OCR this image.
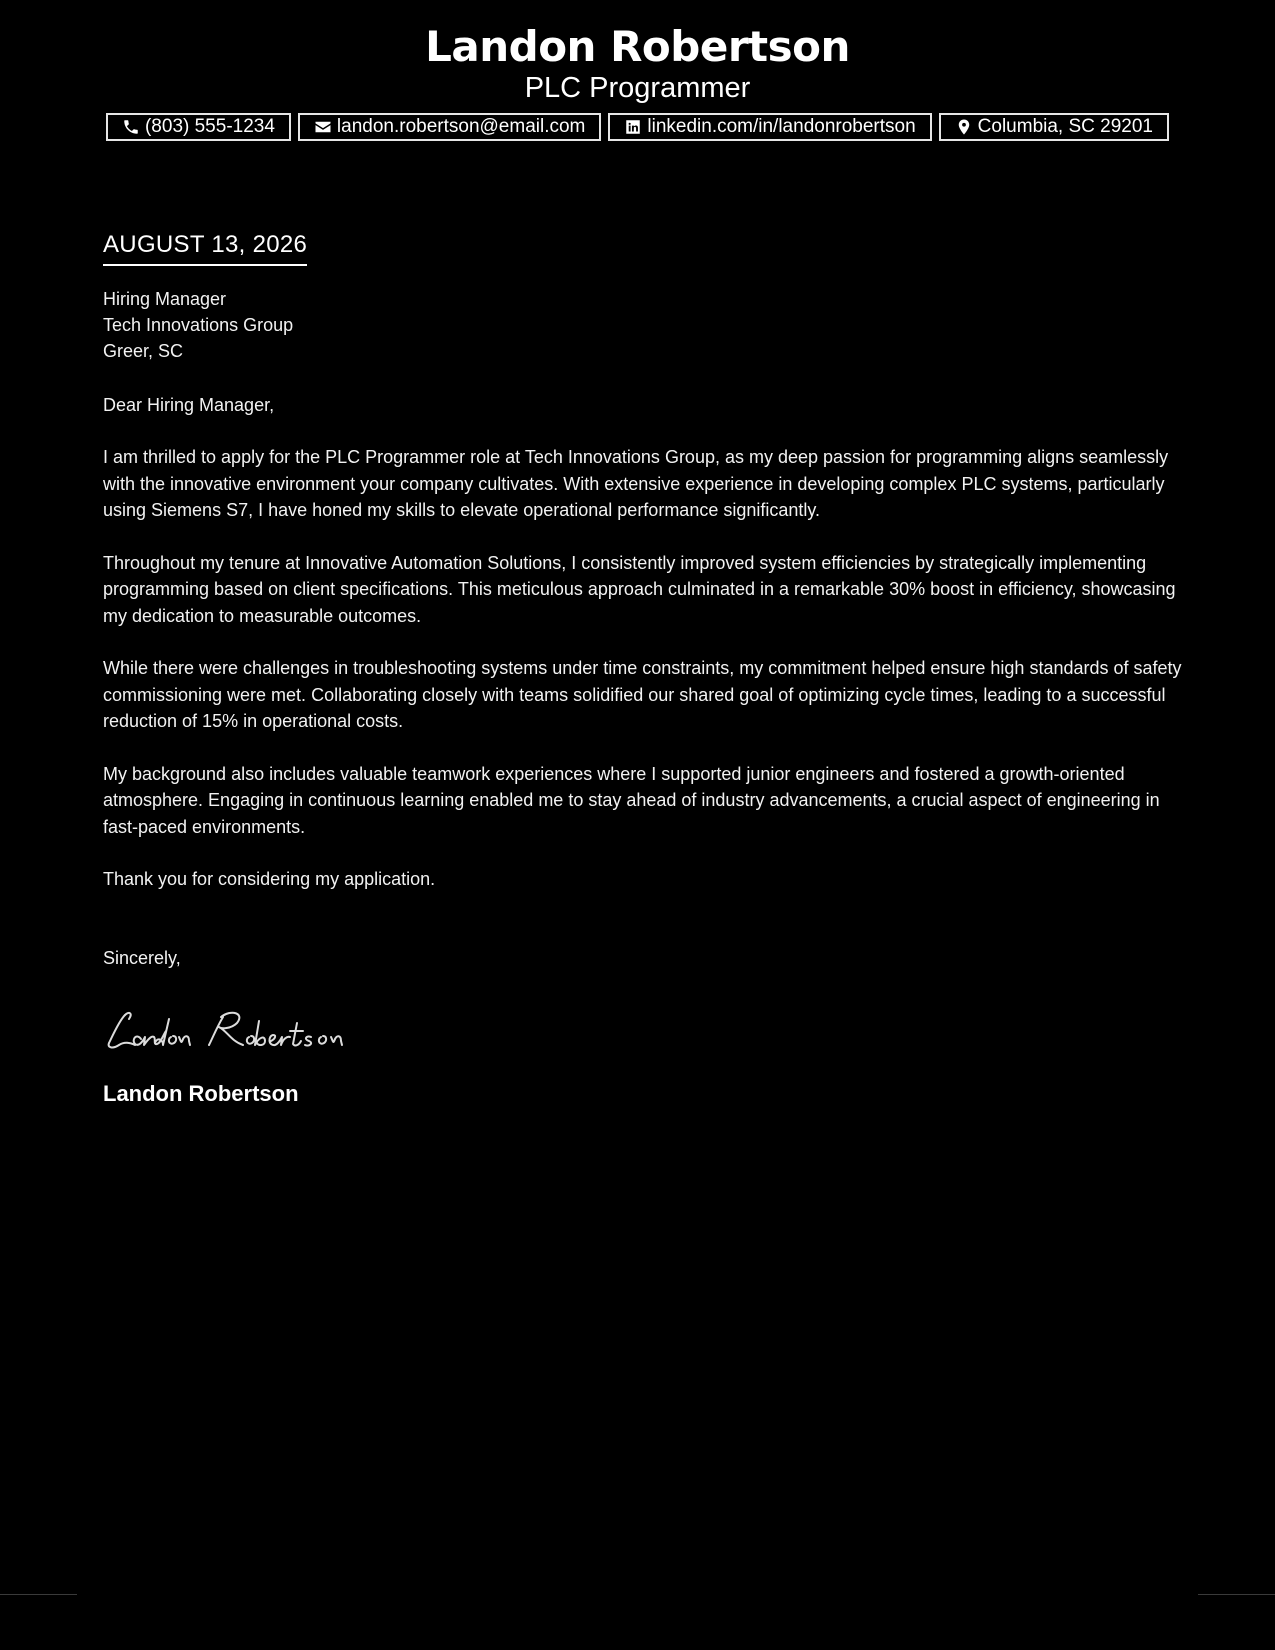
Landon Robertson
PLC Programmer
(803) 555-1234	landon.robertson@email.com	linkedin.com/in/landonrobertson	Columbia, SC 29201
AUGUST 13, 2026
Hiring Manager
Tech Innovations Group
Greer, SC
Dear Hiring Manager,
I am thrilled to apply for the PLC Programmer role at Tech Innovations Group, as my deep passion for programming aligns seamlessly with the innovative environment your company cultivates. With extensive experience in developing complex PLC systems, particularly using Siemens S7, I have honed my skills to elevate operational performance significantly.
Throughout my tenure at Innovative Automation Solutions, I consistently improved system efficiencies by strategically implementing programming based on client specifications. This meticulous approach culminated in a remarkable 30% boost in efficiency, showcasing my dedication to measurable outcomes.
While there were challenges in troubleshooting systems under time constraints, my commitment helped ensure high standards of safety commissioning were met. Collaborating closely with teams solidified our shared goal of optimizing cycle times, leading to a successful reduction of 15% in operational costs.
My background also includes valuable teamwork experiences where I supported junior engineers and fostered a growth-oriented atmosphere. Engaging in continuous learning enabled me to stay ahead of industry advancements, a crucial aspect of engineering in fast-paced environments.
Thank you for considering my application.
Sincerely,
Landon Robertson
